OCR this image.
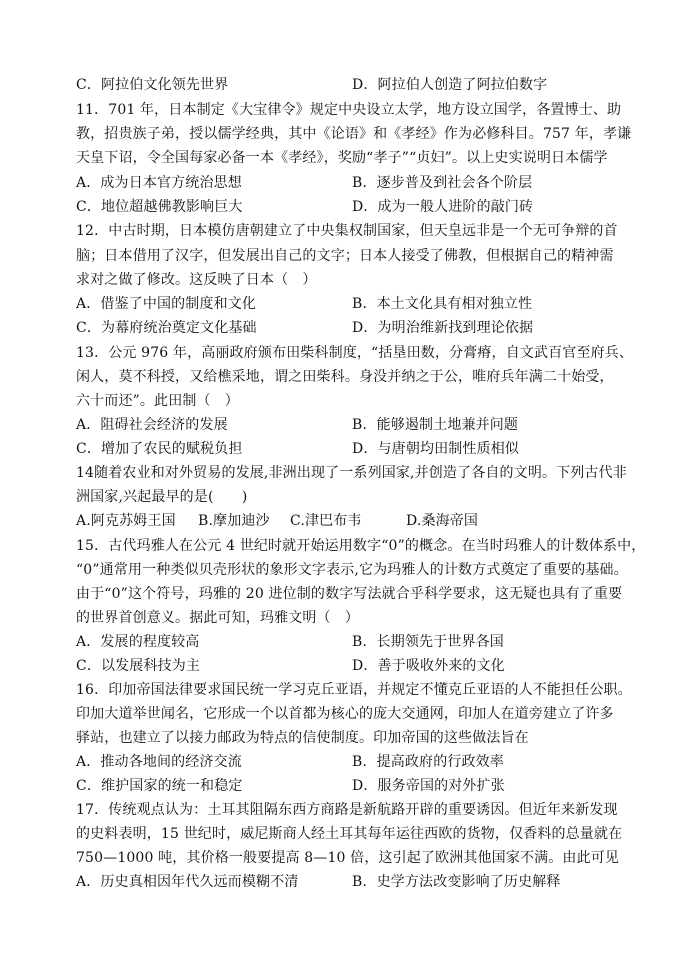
C．阿拉伯文化领先世界	D．阿拉伯人创造了阿拉伯数字
11．701 年，日本制定《大宝律令》规定中央设立太学，地方设立国学，各置博士、助
教，招贵族子弟，授以儒学经典，其中《论语》和《孝经》作为必修科目。757 年，孝谦
天皇下诏，令全国每家必备一本《孝经》，奖励“孝子”“贞妇”。以上史实说明日本儒学
A．成为日本官方统治思想	B．逐步普及到社会各个阶层
C．地位超越佛教影响巨大	D．成为一般人进阶的敲门砖
12．中古时期，日本模仿唐朝建立了中央集权制国家，但天皇远非是一个无可争辩的首
脑；日本借用了汉字，但发展出自己的文字；日本人接受了佛教，但根据自己的精神需
求对之做了修改。这反映了日本（　）
A．借鉴了中国的制度和文化	B．本土文化具有相对独立性
C．为幕府统治奠定文化基础	D．为明治维新找到理论依据
13．公元 976 年，高丽政府颁布田柴科制度，“括垦田数，分膏瘠，自文武百官至府兵、
闲人，莫不科授，又给樵采地，谓之田柴科。身没并纳之于公，唯府兵年满二十始受，
六十而还”。此田制（　）
A．阻碍社会经济的发展	B．能够遏制土地兼并问题
C．增加了农民的赋税负担	D．与唐朝均田制性质相似
14随着农业和对外贸易的发展,非洲出现了一系列国家,并创造了各自的文明。下列古代非
洲国家,兴起最早的是(　　)
A.阿克苏姆王国 B.摩加迪沙 C.津巴布韦	D.桑海帝国
15．古代玛雅人在公元 4 世纪时就开始运用数字“0”的概念。在当时玛雅人的计数体系中，
“0”通常用一种类似贝壳形状的象形文字表示,它为玛雅人的计数方式奠定了重要的基础。
由于“0”这个符号，玛雅的 20 进位制的数字写法就合乎科学要求，这无疑也具有了重要
的世界首创意义。据此可知，玛雅文明（　）
A．发展的程度较高	B．长期领先于世界各国
C．以发展科技为主	D．善于吸收外来的文化
16．印加帝国法律要求国民统一学习克丘亚语，并规定不懂克丘亚语的人不能担任公职。
印加大道举世闻名，它形成一个以首都为核心的庞大交通网，印加人在道旁建立了许多
驿站，也建立了以接力邮政为特点的信使制度。印加帝国的这些做法旨在
A．推动各地间的经济交流	B．提高政府的行政效率
C．维护国家的统一和稳定	D．服务帝国的对外扩张
17．传统观点认为：土耳其阻隔东西方商路是新航路开辟的重要诱因。但近年来新发现
的史料表明，15 世纪时，威尼斯商人经土耳其每年运往西欧的货物，仅香料的总量就在
750—1000 吨，其价格一般要提高 8—10 倍，这引起了欧洲其他国家不满。由此可见
A．历史真相因年代久远而模糊不清	B．史学方法改变影响了历史解释
